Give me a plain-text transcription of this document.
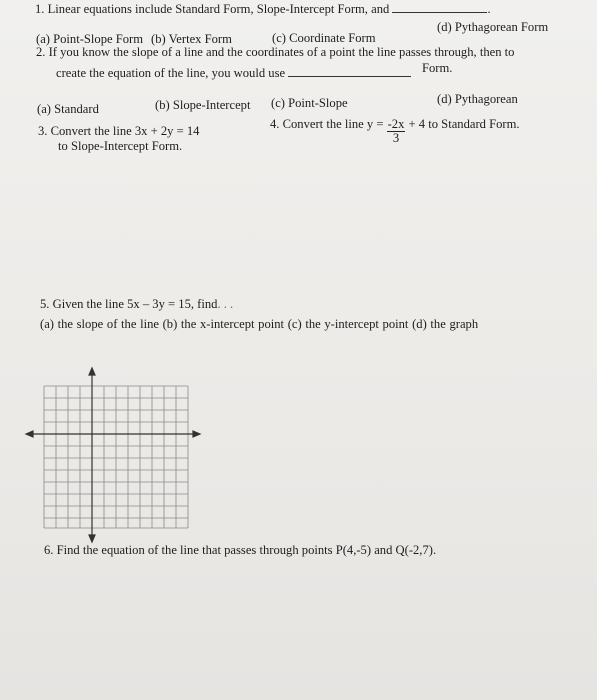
1. Linear equations include Standard Form, Slope-Intercept Form, and	.
(a) Point-Slope Form (b) Vertex Form	(c) Coordinate Form
(d) Pythagorean Form
2. If you know the slope of a line and the coordinates of a point the line passes through, then to
create the equation of the line, you would use	Form.
(a) Standard	(b) Slope-Intercept (c) Point-Slope	(d) Pythagorean
3. Convert the line 3x + 2y = 14
to Slope-Intercept Form.
4. Convert the line $y = \frac{-2x}{3} + 4$ to Standard Form.
5. Given the line 5x – 3y = 15, find. . .
(a) the slope of the line (b) the x-intercept point (c) the y-intercept point (d) the graph
6. Find the equation of the line that passes through points P(4,-5) and Q(-2,7).
